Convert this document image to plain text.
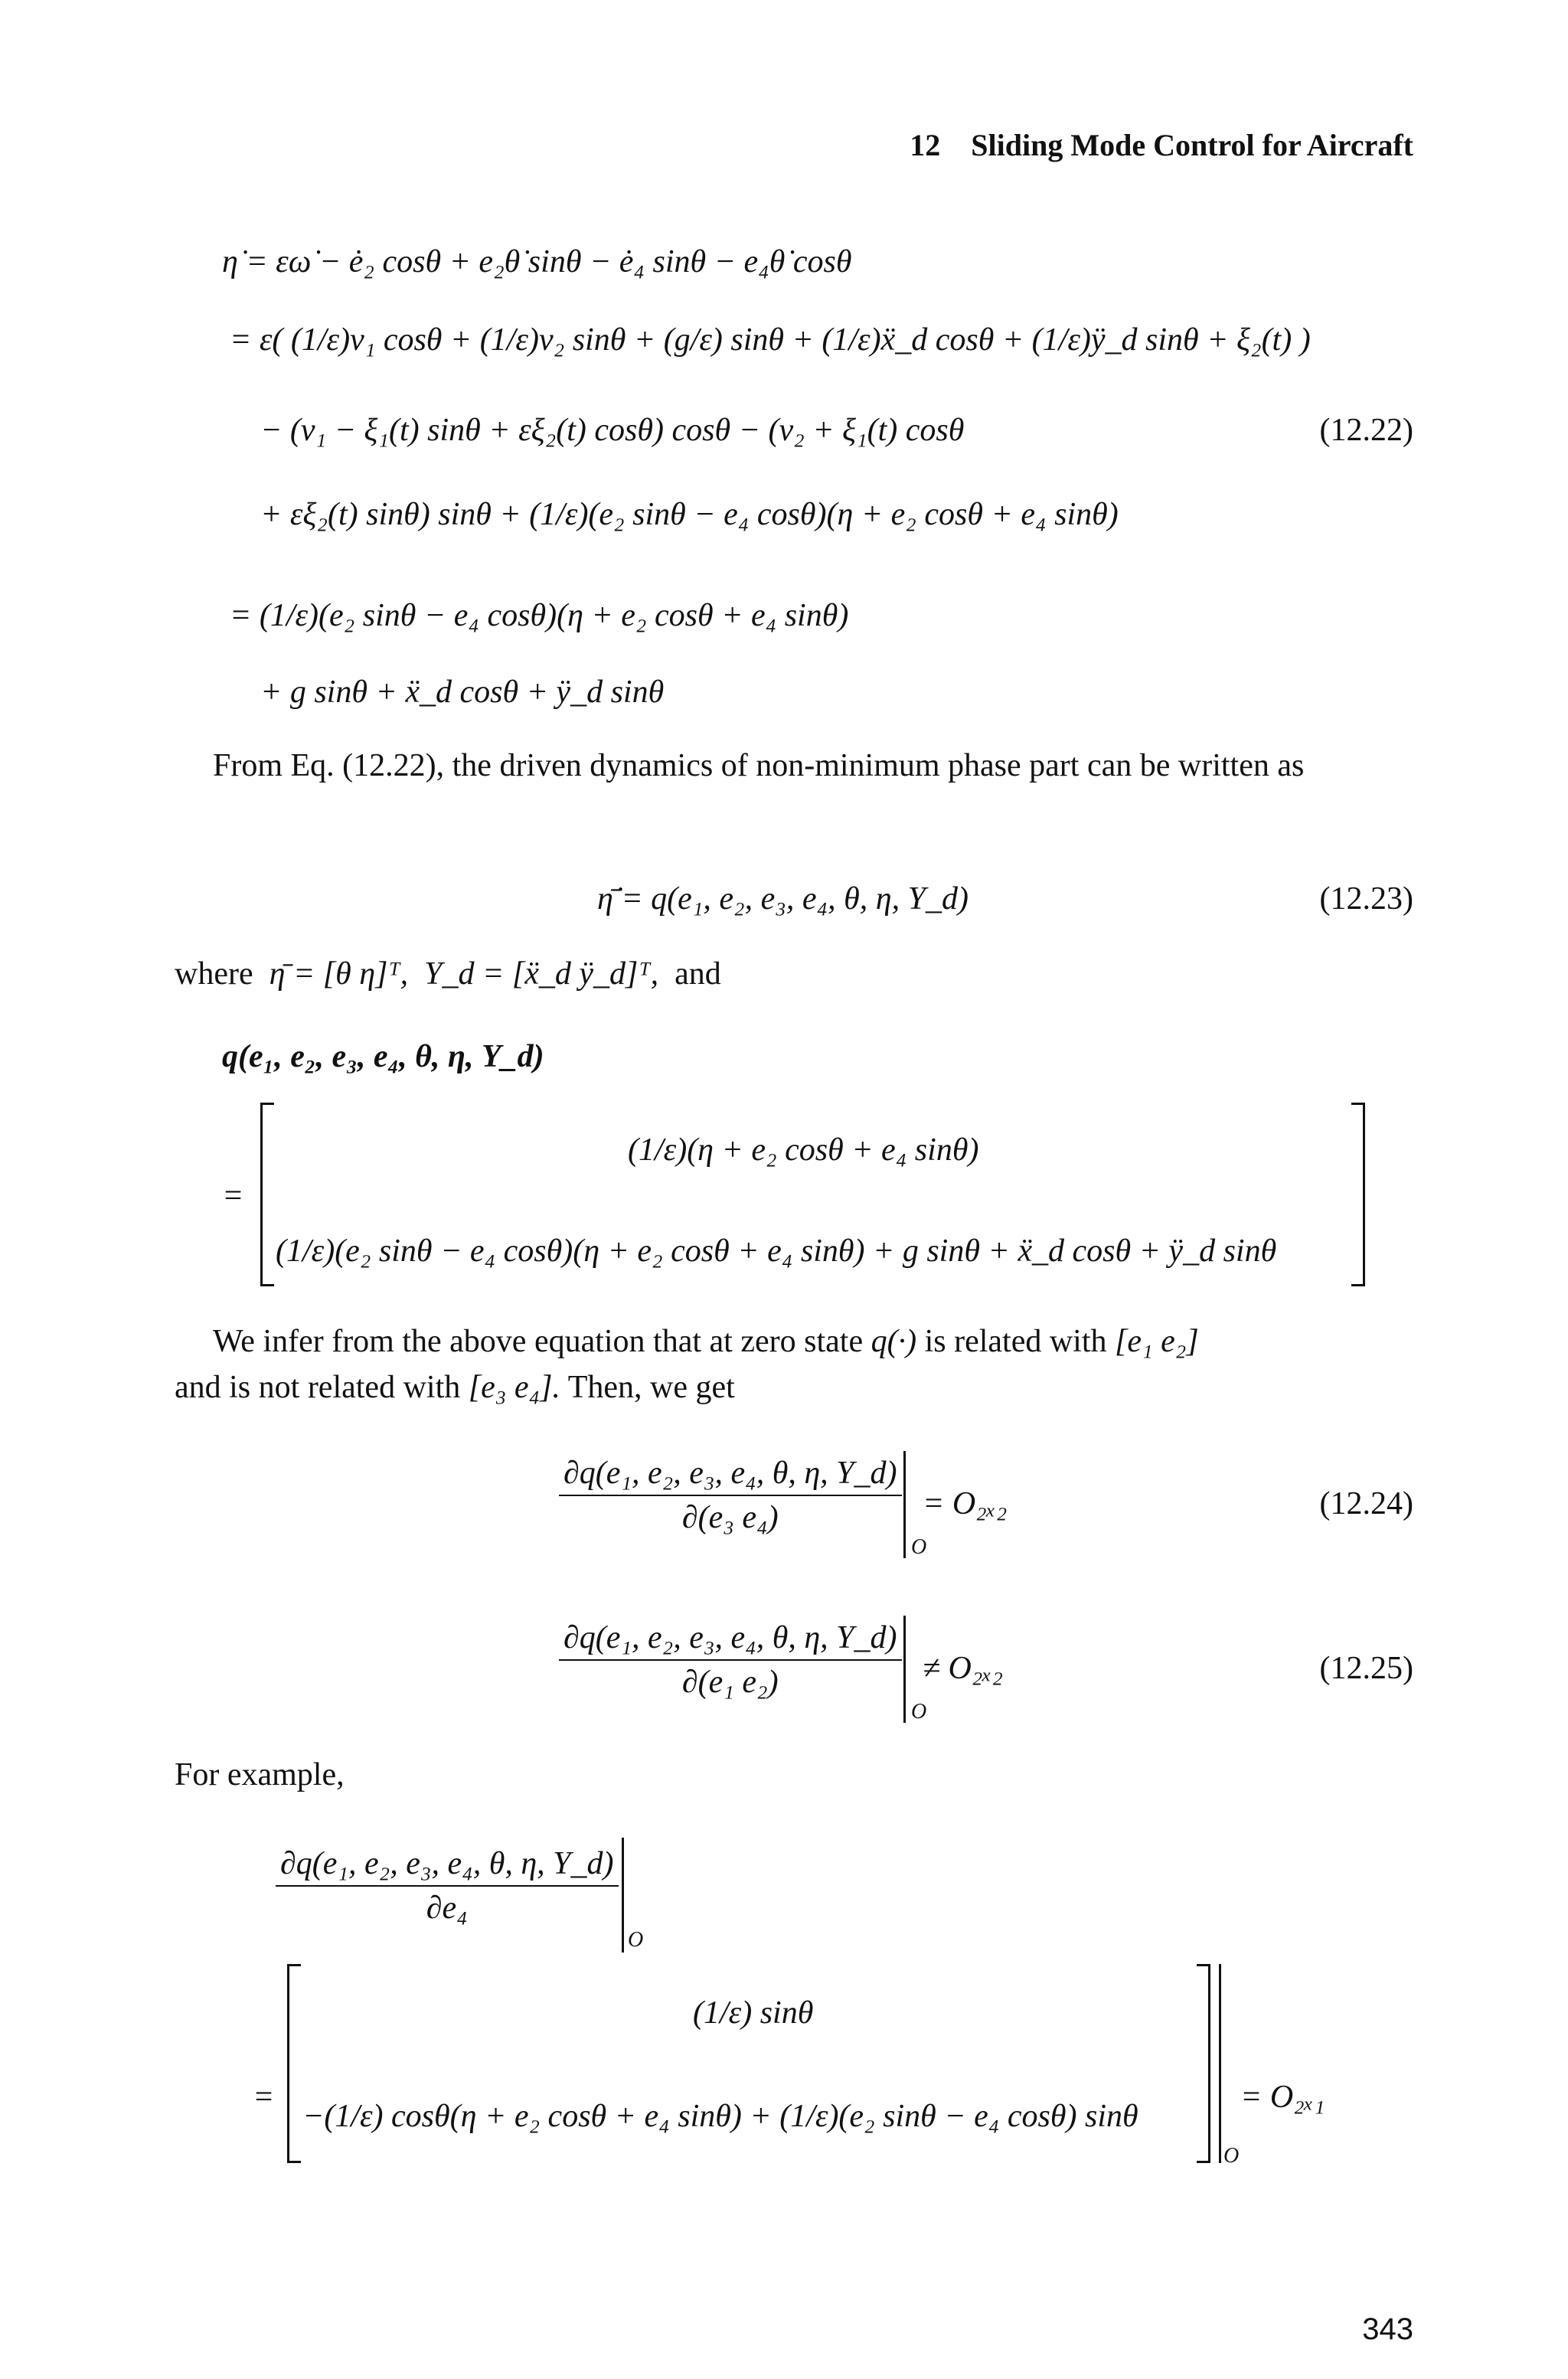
12 Sliding Mode Control for Aircraft
η̇ = εω̇ − ė₂ cosθ + e₂θ̇ sinθ − ė₄ sinθ − e₄θ̇ cosθ
= ε( (1/ε)v₁ cosθ + (1/ε)v₂ sinθ + (g/ε) sinθ + (1/ε)ẍ_d cosθ + (1/ε)ÿ_d sinθ + ξ₂(t) )
− (v₁ − ξ₁(t) sinθ + εξ₂(t) cosθ) cosθ − (v₂ + ξ₁(t) cosθ	(12.22)
+ εξ₂(t) sinθ) sinθ + (1/ε)(e₂ sinθ − e₄ cosθ)(η + e₂ cosθ + e₄ sinθ)
= (1/ε)(e₂ sinθ − e₄ cosθ)(η + e₂ cosθ + e₄ sinθ)
+ g sinθ + ẍ_d cosθ + ÿ_d sinθ
From Eq. (12.22), the driven dynamics of non-minimum phase part can be written as
η̄̇ = q(e₁, e₂, e₃, e₄, θ, η, Y_d)	(12.23)
where η̄ = [θ η]ᵀ, Y_d = [ẍ_d ÿ_d]ᵀ, and
q(e₁, e₂, e₃, e₄, θ, η, Y_d)
=
(1/ε)(η + e₂ cosθ + e₄ sinθ)
(1/ε)(e₂ sinθ − e₄ cosθ)(η + e₂ cosθ + e₄ sinθ) + g sinθ + ẍ_d cosθ + ÿ_d sinθ
We infer from the above equation that at zero state q(·) is related with [e₁ e₂]
and is not related with [e₃ e₄]. Then, we get
$\frac{\text{∂q(e₁, e₂, e₃, e₄, θ, η, Y\_d)}}{\text{∂(e₃ e₄)}}$
O
= O₂ₓ₂	(12.24)
$\frac{\text{∂q(e₁, e₂, e₃, e₄, θ, η, Y\_d)}}{\text{∂(e₁ e₂)}}$
O
≠ O₂ₓ₂	(12.25)
For example,
$\frac{\text{∂q(e₁, e₂, e₃, e₄, θ, η, Y\_d)}}{\text{∂e₄}}$
O
=
O
(1/ε) sinθ
−(1/ε) cosθ(η + e₂ cosθ + e₄ sinθ) + (1/ε)(e₂ sinθ − e₄ cosθ) sinθ
= O₂ₓ₁
343
